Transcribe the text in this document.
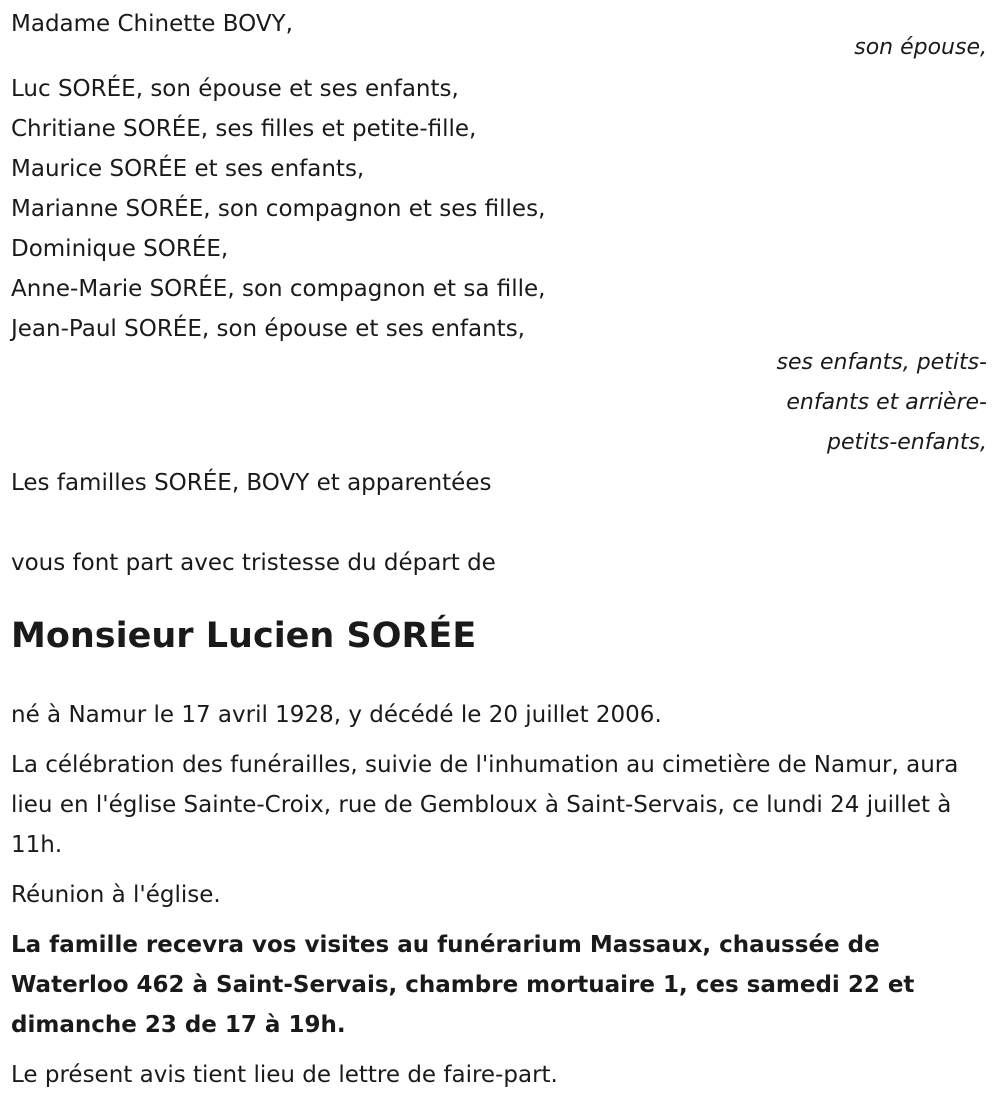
Madame Chinette BOVY,
son épouse,
Luc SORÉE, son épouse et ses enfants,
Chritiane SORÉE, ses filles et petite-fille,
Maurice SORÉE et ses enfants,
Marianne SORÉE, son compagnon et ses filles,
Dominique SORÉE,
Anne-Marie SORÉE, son compagnon et sa fille,
Jean-Paul SORÉE, son épouse et ses enfants,
ses enfants, petits-
enfants et arrière-
petits-enfants,
Les familles SORÉE, BOVY et apparentées
vous font part avec tristesse du départ de
Monsieur Lucien SORÉE

né à Namur le 17 avril 1928, y décédé le 20 juillet 2006.

La célébration des funérailles, suivie de l'inhumation au cimetière de Namur, aura lieu en l'église Sainte-Croix, rue de Gembloux à Saint-Servais, ce lundi 24 juillet à 11h.

Réunion à l'église.

La famille recevra vos visites au funérarium Massaux, chaussée de Waterloo 462 à Saint-Servais, chambre mortuaire 1, ces samedi 22 et dimanche 23 de 17 à 19h.

Le présent avis tient lieu de lettre de faire-part.
